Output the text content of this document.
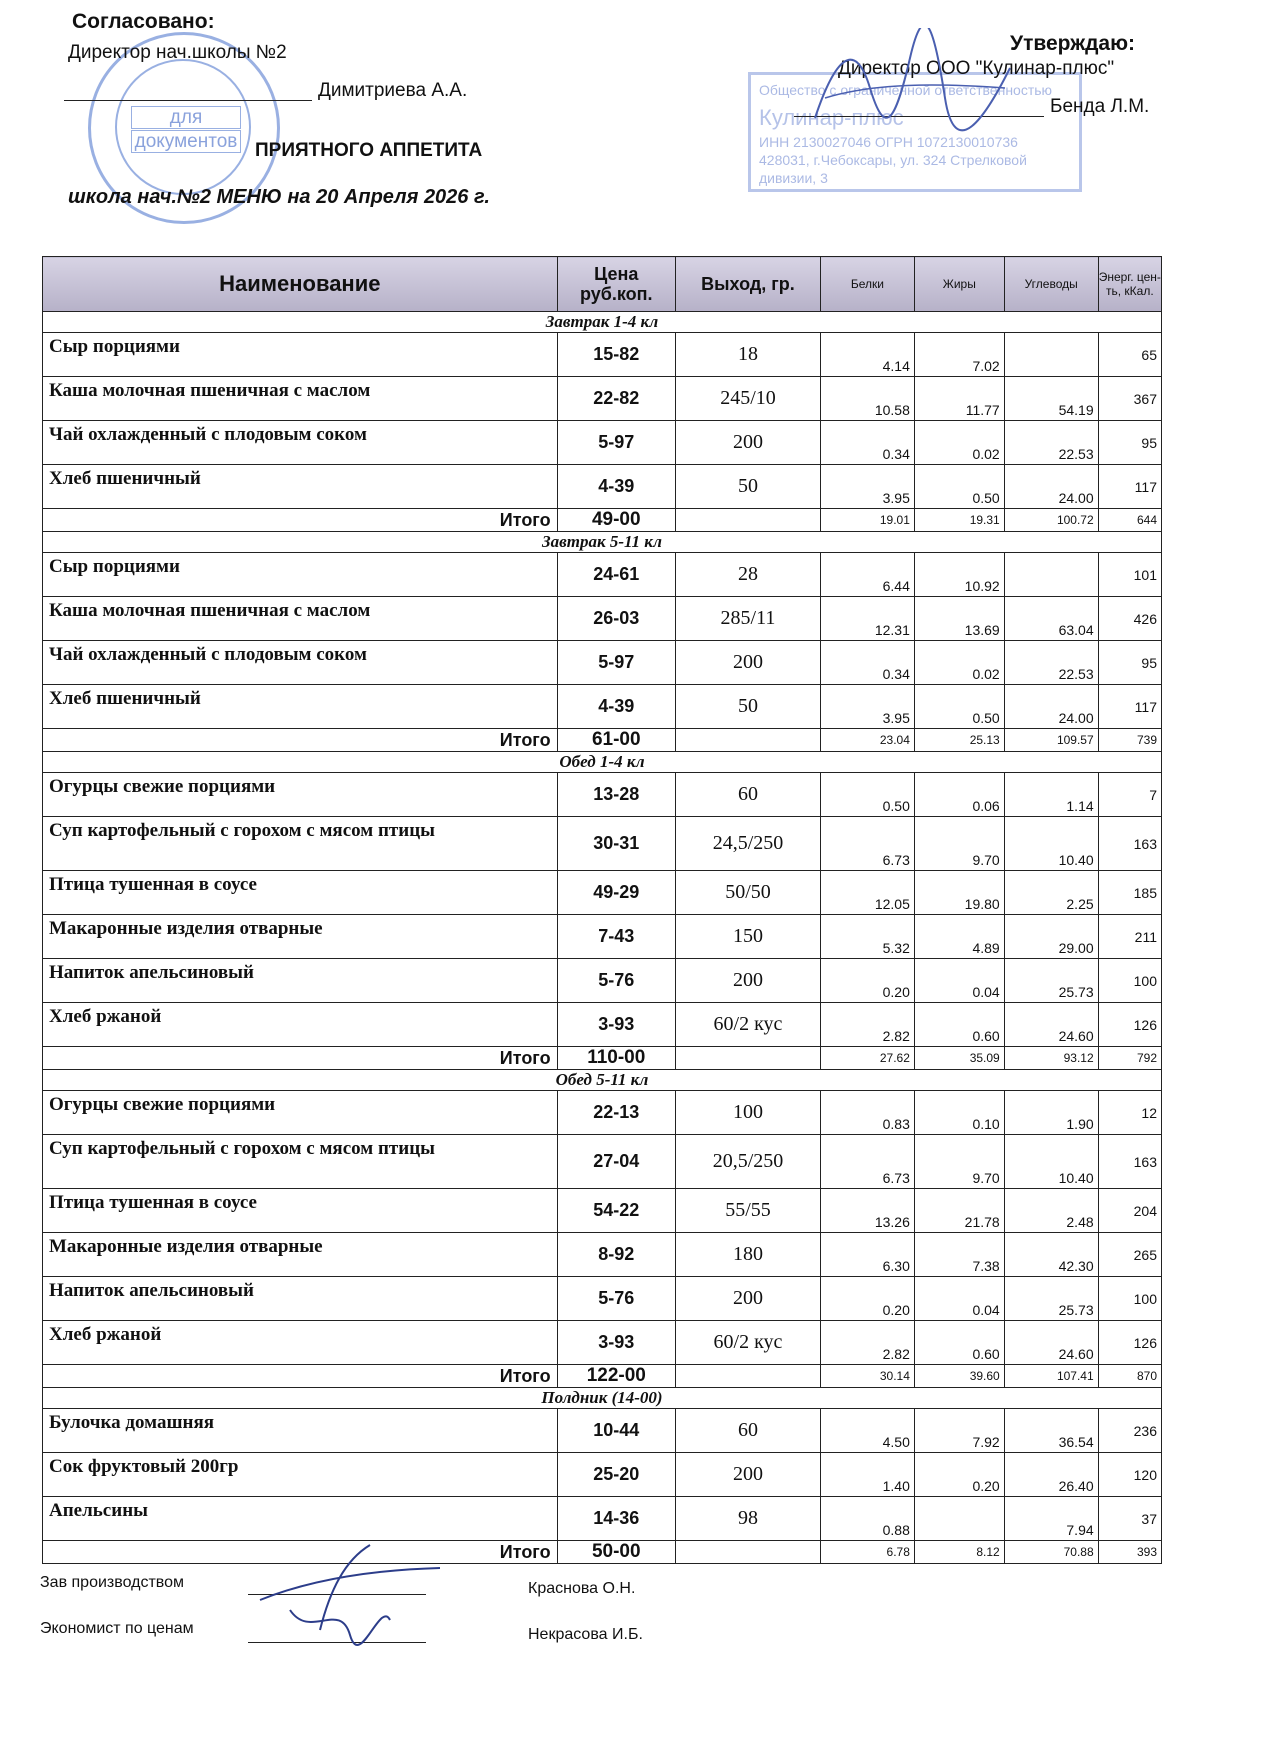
для
документов
Общество с ограниченной ответственностью
Кулинар-плюс
ИНН 2130027046 ОГРН 1072130010736
428031, г.Чебоксары, ул. 324 Стрелковой дивизии, 3
Согласовано:
Директор нач.школы №2
Димитриева А.А.
ПРИЯТНОГО АППЕТИТА
школа нач.№2 МЕНЮ на 20 Апреля 2026 г.
Утверждаю:
Директор ООО "Кулинар-плюс"
Бенда Л.М.
Наименование	Цена руб.коп.	Выход, гр.	Белки	Жиры	Углеводы	Энерг. цен-ть, кКал.
Завтрак 1-4 кл						
Сыр порциями	15-82	18	4.14	7.02		65
Каша молочная пшеничная с маслом	22-82	245/10	10.58	11.77	54.19	367
Чай охлажденный с плодовым соком	5-97	200	0.34	0.02	22.53	95
Хлеб пшеничный	4-39	50	3.95	0.50	24.00	117
Итого	49-00		19.01	19.31	100.72	644
Завтрак 5-11 кл						
Сыр порциями	24-61	28	6.44	10.92		101
Каша молочная пшеничная с маслом	26-03	285/11	12.31	13.69	63.04	426
Чай охлажденный с плодовым соком	5-97	200	0.34	0.02	22.53	95
Хлеб пшеничный	4-39	50	3.95	0.50	24.00	117
Итого	61-00		23.04	25.13	109.57	739
Обед 1-4 кл						
Огурцы свежие порциями	13-28	60	0.50	0.06	1.14	7
Суп картофельный с горохом с мясом птицы	30-31	24,5/250	6.73	9.70	10.40	163
Птица тушенная в соусе	49-29	50/50	12.05	19.80	2.25	185
Макаронные изделия отварные	7-43	150	5.32	4.89	29.00	211
Напиток апельсиновый	5-76	200	0.20	0.04	25.73	100
Хлеб ржаной	3-93	60/2 кус	2.82	0.60	24.60	126
Итого	110-00		27.62	35.09	93.12	792
Обед 5-11 кл						
Огурцы свежие порциями	22-13	100	0.83	0.10	1.90	12
Суп картофельный с горохом с мясом птицы	27-04	20,5/250	6.73	9.70	10.40	163
Птица тушенная в соусе	54-22	55/55	13.26	21.78	2.48	204
Макаронные изделия отварные	8-92	180	6.30	7.38	42.30	265
Напиток апельсиновый	5-76	200	0.20	0.04	25.73	100
Хлеб ржаной	3-93	60/2 кус	2.82	0.60	24.60	126
Итого	122-00		30.14	39.60	107.41	870
Полдник (14-00)						
Булочка домашняя	10-44	60	4.50	7.92	36.54	236
Сок фруктовый 200гр	25-20	200	1.40	0.20	26.40	120
Апельсины	14-36	98	0.88		7.94	37
Итого	50-00		6.78	8.12	70.88	393
Зав производством	Краснова О.Н.
Экономист по ценам	Некрасова И.Б.
